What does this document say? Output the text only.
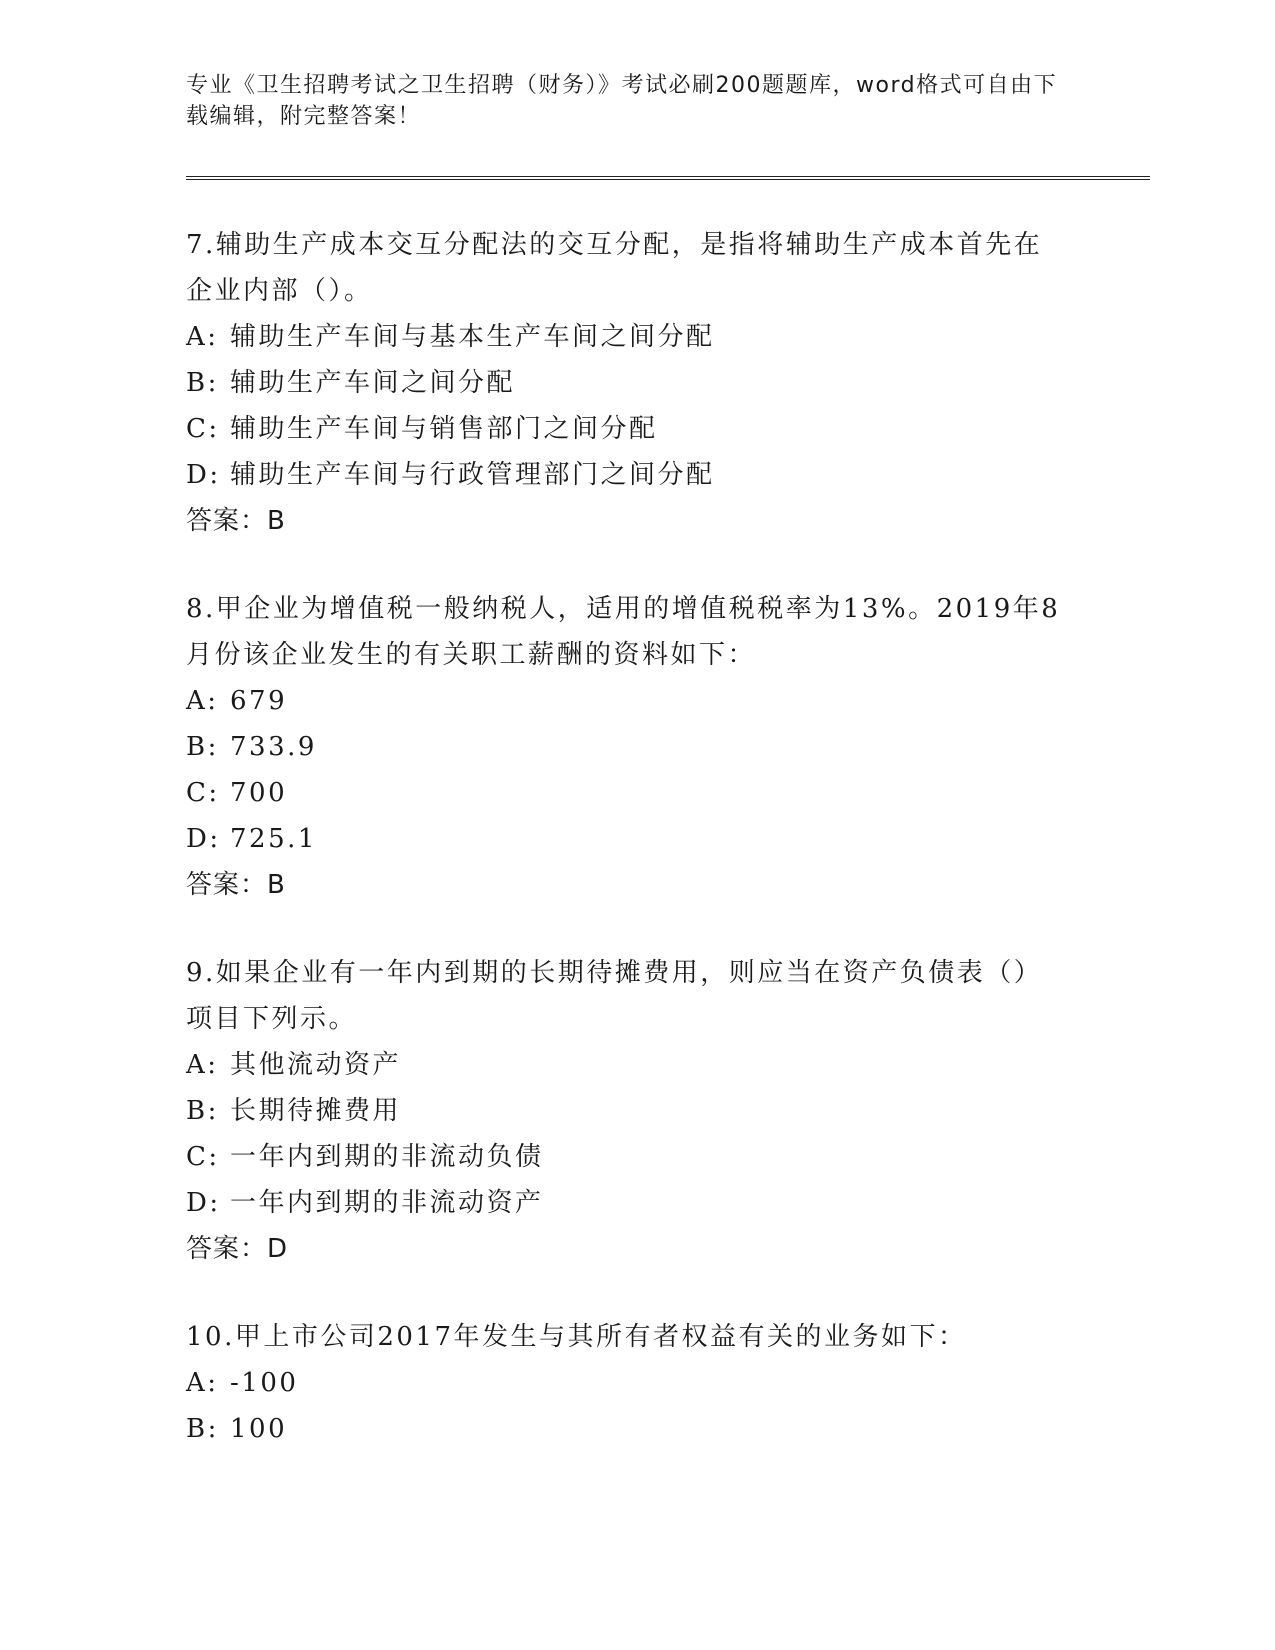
专业《卫生招聘考试之卫生招聘（财务）》考试必刷200题题库，word格式可自由下载编辑，附完整答案！

7.辅助生产成本交互分配法的交互分配，是指将辅助生产成本首先在企业内部（）。

A: 辅助生产车间与基本生产车间之间分配
B: 辅助生产车间之间分配
C: 辅助生产车间与销售部门之间分配
D: 辅助生产车间与行政管理部门之间分配
答案：B

8.甲企业为增值税一般纳税人，适用的增值税税率为13%。2019年8月份该企业发生的有关职工薪酬的资料如下：

A: 679
B: 733.9
C: 700
D: 725.1
答案：B

9.如果企业有一年内到期的长期待摊费用，则应当在资产负债表（）项目下列示。

A: 其他流动资产
B: 长期待摊费用
C: 一年内到期的非流动负债
D: 一年内到期的非流动资产
答案：D

10.甲上市公司2017年发生与其所有者权益有关的业务如下：

A: -100
B: 100
